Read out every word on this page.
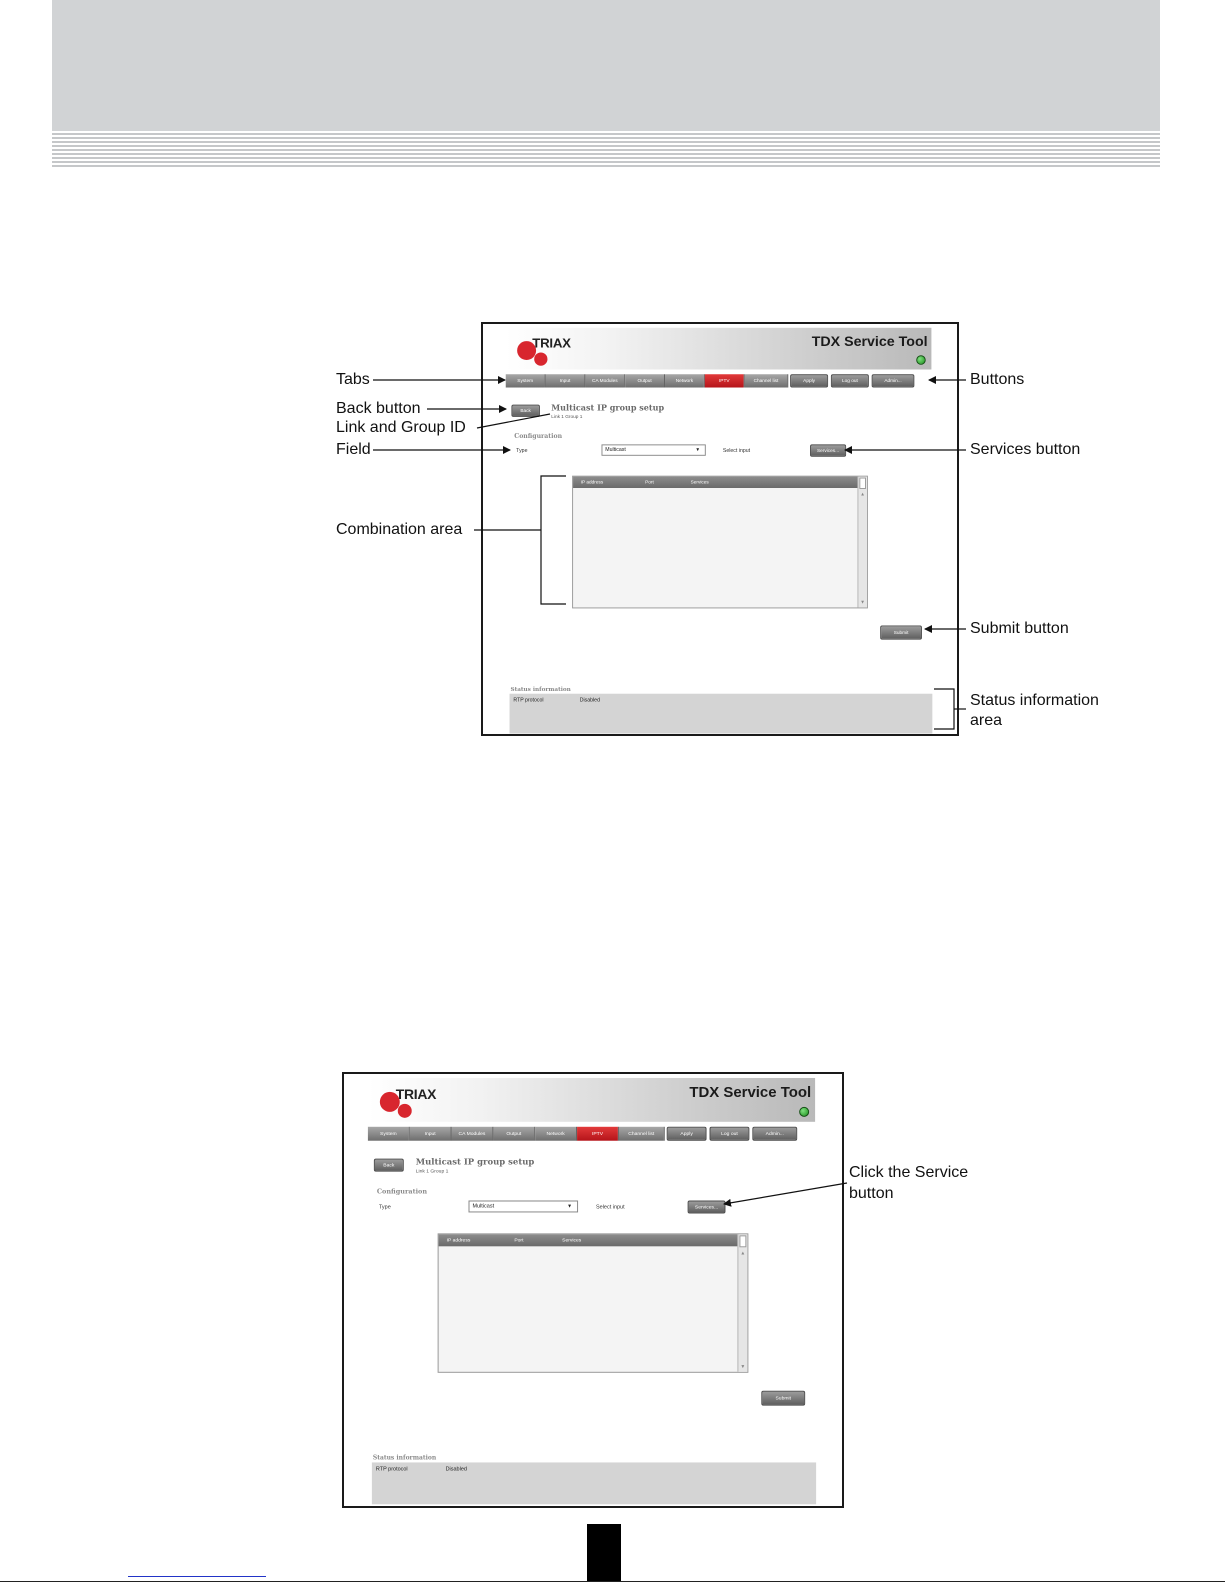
TRIAX	TDX Service Tool
System	Input	CA Modules	Output	Network	IPTV	Channel list	Apply	Log out	Admin...
Back	Multicast IP group setup
Link 1 Group 1
Configuration
Type	Multicast	▼	Select input	Services...
IP address	Port	Services
▲
▼
Submit
Status information
RTP protocol	Disabled
TRIAX	TDX Service Tool
System	Input	CA Modules	Output	Network	IPTV	Channel list	Apply	Log out	Admin...
Back	Multicast IP group setup
Link 1 Group 1
Configuration
Type	Multicast	▼	Select input	Services...
IP address	Port	Services
▲
▼
Submit
Status information
RTP protocol	Disabled
Tabs
Back button
Link and Group ID
Field
Combination area
Buttons
Services button
Submit button
Status information
area
Click the Service
button
